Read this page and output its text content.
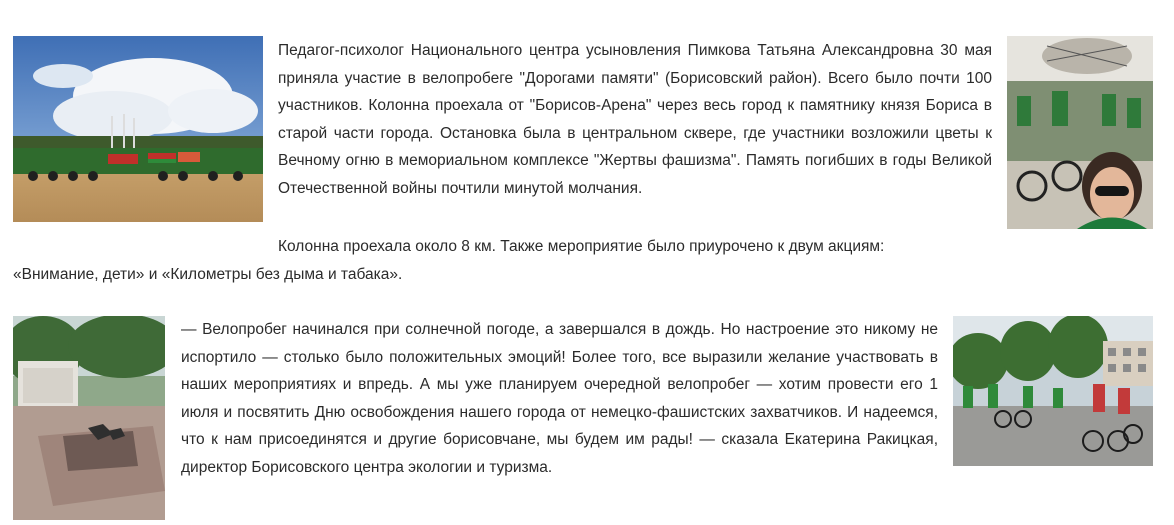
Педагог-психолог Национального центра усыновления Пимкова Татьяна Александровна 30 мая приняла участие в велопробеге "Дорогами памяти" (Борисовский район). Всего было почти 100 участников. Колонна проехала от "Борисов-Арена" через весь город к памятнику князя Бориса в старой части города. Остановка была в центральном сквере, где участники возложили цветы к Вечному огню в мемориальном комплексе "Жертвы фашизма". Память погибших в годы Великой Отечественной войны почтили минутой молчания.

Колонна проехала около 8 км. Также мероприятие было приурочено к двум акциям:

«Внимание, дети» и «Километры без дыма и табака».

— Велопробег начинался при солнечной погоде, а завершался в дождь. Но настроение это никому не испортило — столько было положительных эмоций! Более того, все выразили желание участвовать в наших мероприятиях и впредь. А мы уже планируем очередной велопробег — хотим провести его 1 июля и посвятить Дню освобождения нашего города от немецко-фашистских захватчиков. И надеемся, что к нам присоединятся и другие борисовчане, мы будем им рады! — сказала Екатерина Ракицкая, директор Борисовского центра экологии и туризма.
